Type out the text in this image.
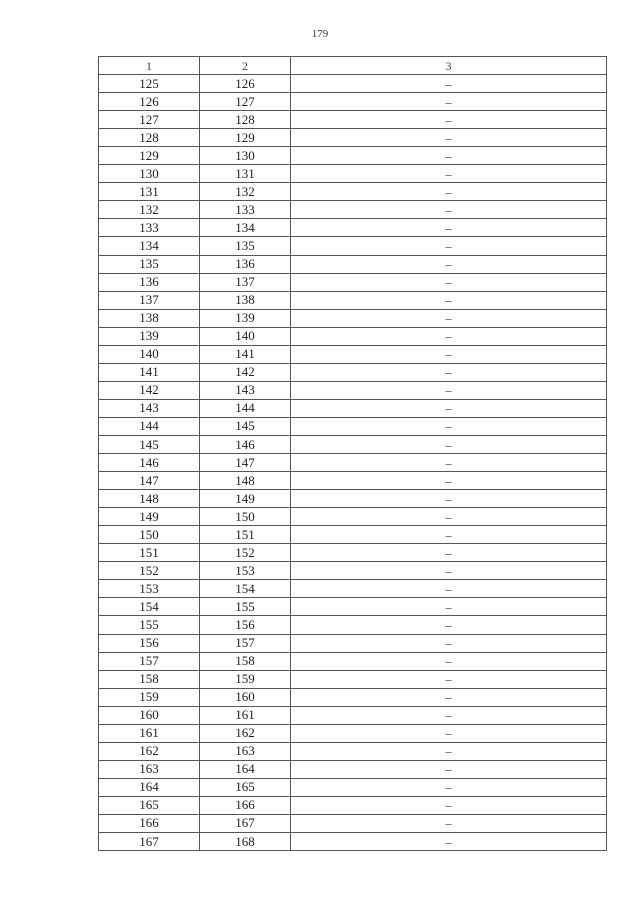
179
1	2	3
125	126	–
126	127	–
127	128	–
128	129	–
129	130	–
130	131	–
131	132	–
132	133	–
133	134	–
134	135	–
135	136	–
136	137	–
137	138	–
138	139	–
139	140	–
140	141	–
141	142	–
142	143	–
143	144	–
144	145	–
145	146	–
146	147	–
147	148	–
148	149	–
149	150	–
150	151	–
151	152	–
152	153	–
153	154	–
154	155	–
155	156	–
156	157	–
157	158	–
158	159	–
159	160	–
160	161	–
161	162	–
162	163	–
163	164	–
164	165	–
165	166	–
166	167	–
167	168	–
